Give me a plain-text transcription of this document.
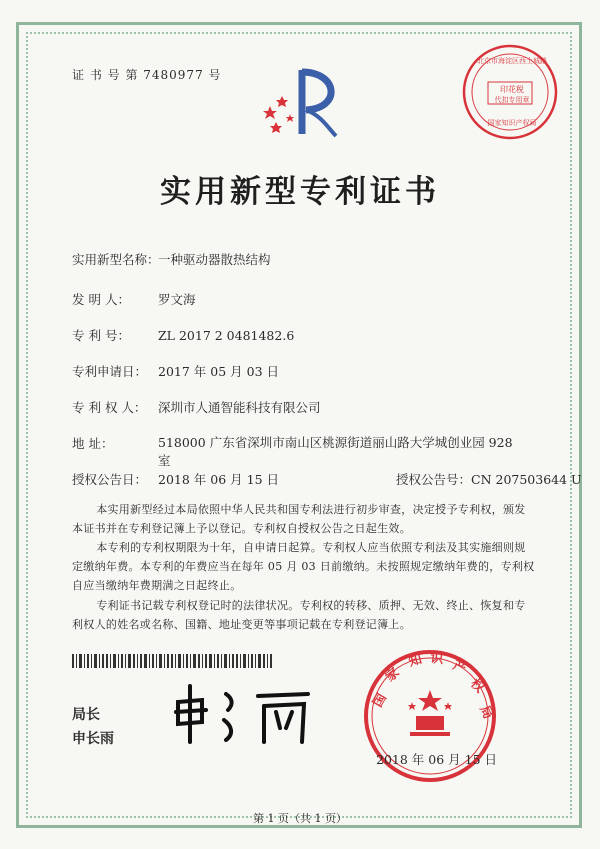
证 书 号 第 7480977 号
北京市海淀区西土城路
印花税
代扣专用章
国家知识产权局
实用新型专利证书
实用新型名称：一种驱动器散热结构
发 明 人： 罗文海
专 利 号： ZL 2017 2 0481482.6
专利申请日： 2017 年 05 月 03 日
专 利 权 人： 深圳市人通智能科技有限公司
地 址：	518000 广东省深圳市南山区桃源街道丽山路大学城创业园 928 室
授权公告日： 2018 年 06 月 15 日	授权公告号：CN 207503644 U
本实用新型经过本局依照中华人民共和国专利法进行初步审查，决定授予专利权，颁发本证书并在专利登记簿上予以登记。专利权自授权公告之日起生效。
本专利的专利权期限为十年，自申请日起算。专利权人应当依照专利法及其实施细则规定缴纳年费。本专利的年费应当在每年 05 月 03 日前缴纳。未按照规定缴纳年费的，专利权自应当缴纳年费期满之日起终止。
专利证书记载专利权登记时的法律状况。专利权的转移、质押、无效、终止、恢复和专利权人的姓名或名称、国籍、地址变更等事项记载在专利登记簿上。
局长
申长雨
国
家
知 识 产
权
局
2018 年 06 月 15 日
第 1 页（共 1 页）
